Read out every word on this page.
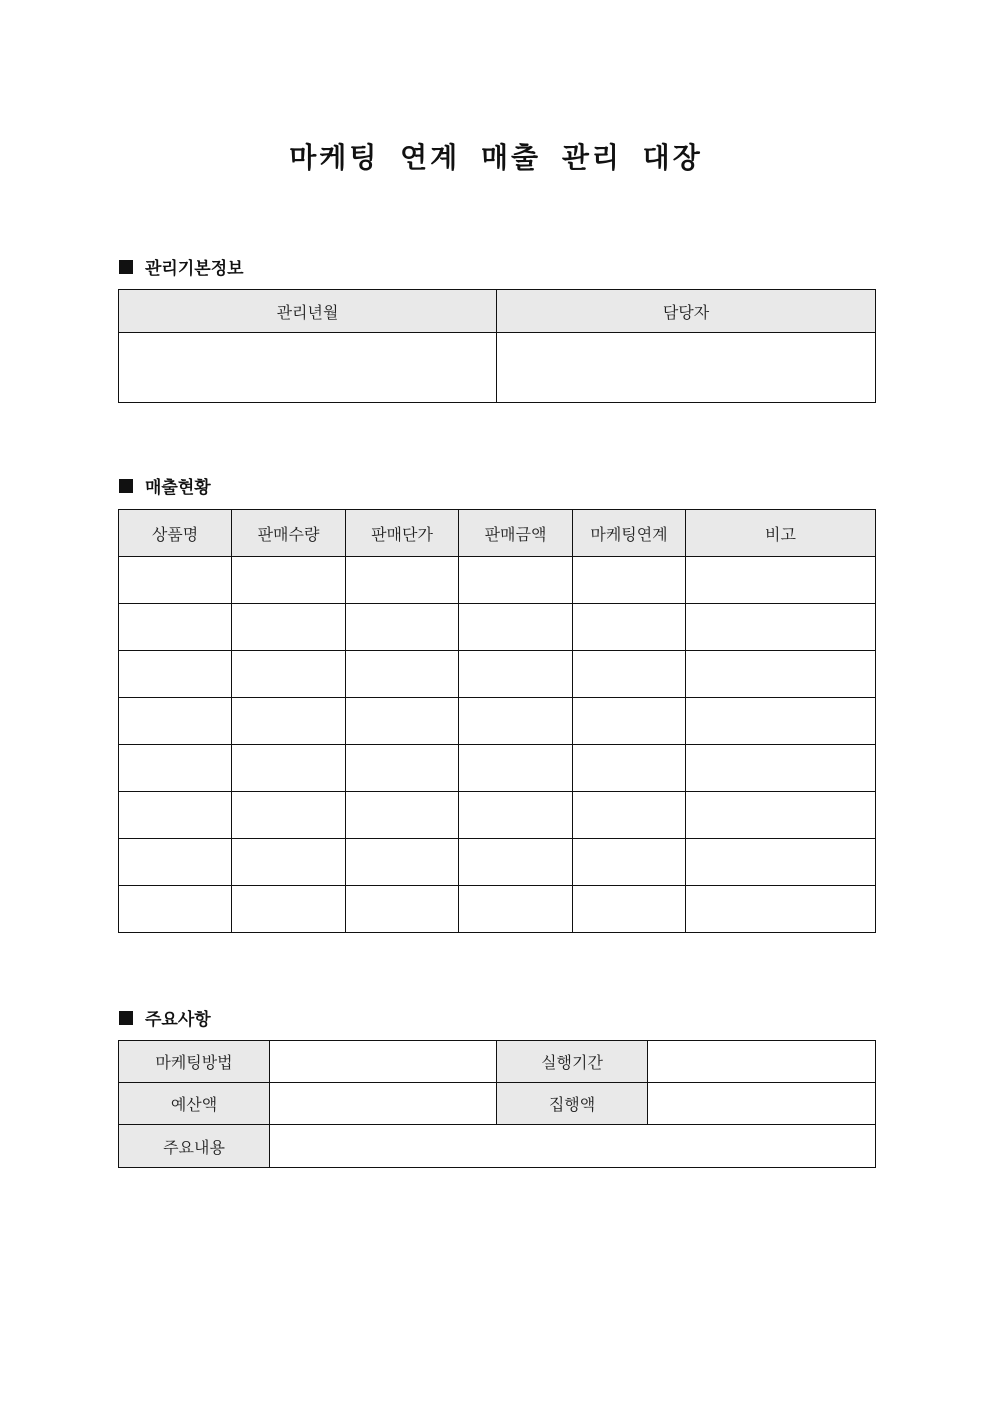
마케팅 연계 매출 관리 대장
관리기본정보
관리년월	담당자

매출현황
상품명	판매수량	판매단가	판매금액	마케팅연계	비고

주요사항
마케팅방법		실행기간	
예산액		집행액	
주요내용			
